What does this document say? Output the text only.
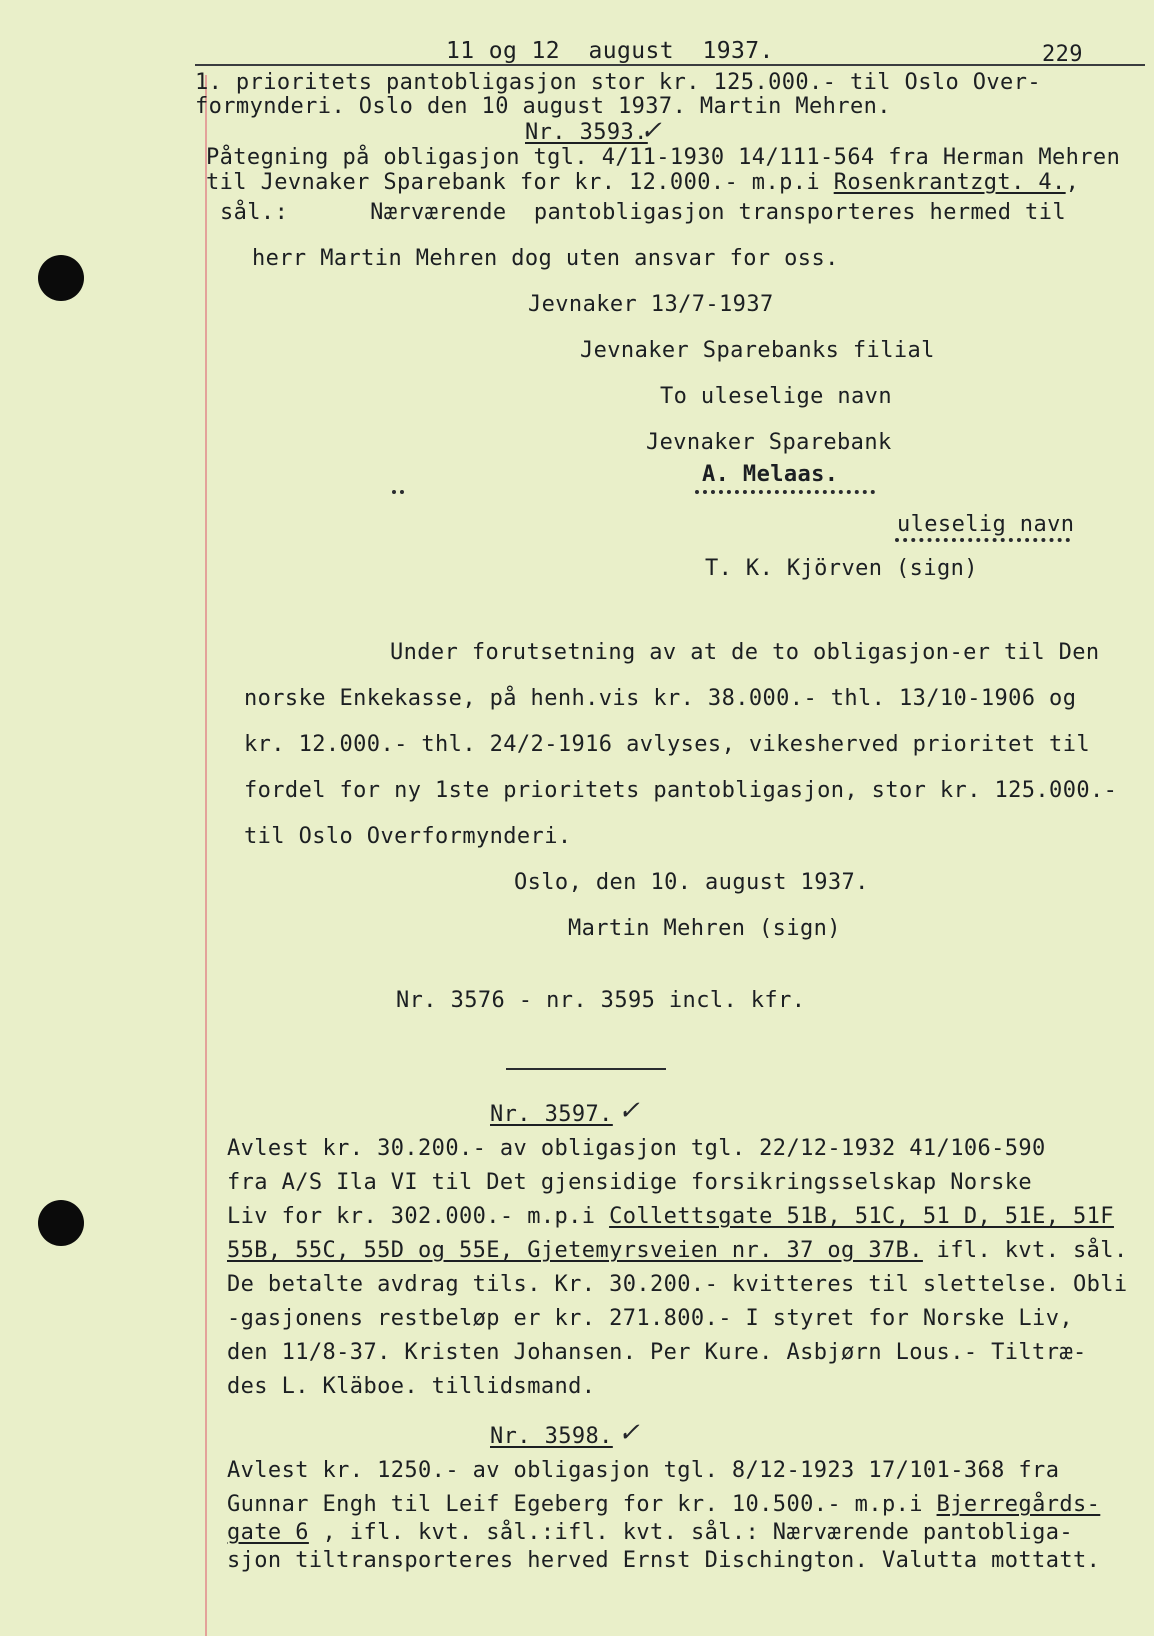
11 og 12  august  1937.	229
1. prioritets pantobligasjon stor kr. 125.000.- til Oslo Over-
formynderi. Oslo den 10 august 1937. Martin Mehren.
Nr. 3593.
✓
Påtegning på obligasjon tgl. 4/11-1930 14/111-564 fra Herman Mehren
til Jevnaker Sparebank for kr. 12.000.- m.p.i Rosenkrantzgt. 4.,
sål.:      Nærværende  pantobligasjon transporteres hermed til
herr Martin Mehren dog uten ansvar for oss.
Jevnaker 13/7-1937
Jevnaker Sparebanks filial
To uleselige navn
Jevnaker Sparebank
A. Melaas.
uleselig navn
T. K. Kjörven (sign)
Under forutsetning av at de to obligasjon-er til Den
norske Enkekasse, på henh.vis kr. 38.000.- thl. 13/10-1906 og
kr. 12.000.- thl. 24/2-1916 avlyses, vikesherved prioritet til
fordel for ny 1ste prioritets pantobligasjon, stor kr. 125.000.-
til Oslo Overformynderi.
Oslo, den 10. august 1937.
Martin Mehren (sign)
Nr. 3576 - nr. 3595 incl. kfr.
Nr. 3597. ✓
Avlest kr. 30.200.- av obligasjon tgl. 22/12-1932 41/106-590
fra A/S Ila VI til Det gjensidige forsikringsselskap Norske
Liv for kr. 302.000.- m.p.i Collettsgate 51B, 51C, 51 D, 51E, 51F
55B, 55C, 55D og 55E, Gjetemyrsveien nr. 37 og 37B. ifl. kvt. sål.
De betalte avdrag tils. Kr. 30.200.- kvitteres til slettelse. Obli
-gasjonens restbeløp er kr. 271.800.- I styret for Norske Liv,
den 11/8-37. Kristen Johansen. Per Kure. Asbjørn Lous.- Tiltræ-
des L. Kläboe. tillidsmand.
Nr. 3598. ✓
Avlest kr. 1250.- av obligasjon tgl. 8/12-1923 17/101-368 fra
Gunnar Engh til Leif Egeberg for kr. 10.500.- m.p.i Bjerregårds-
gate 6 , ifl. kvt. sål.:ifl. kvt. sål.: Nærværende pantobliga-
sjon tiltransporteres herved Ernst Dischington. Valutta mottatt.
